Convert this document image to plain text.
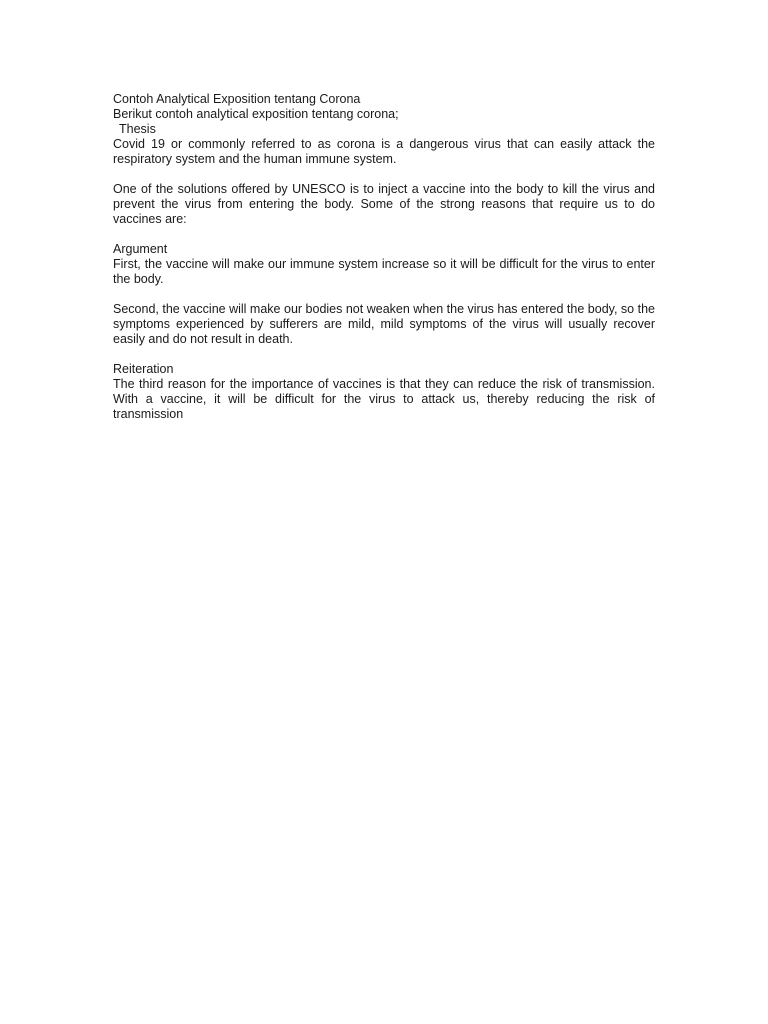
Contoh Analytical Exposition tentang Corona
Berikut contoh analytical exposition tentang corona;
Thesis

Covid 19 or commonly referred to as corona is a dangerous virus that can easily attack the respiratory system and the human immune system.

One of the solutions offered by UNESCO is to inject a vaccine into the body to kill the virus and prevent the virus from entering the body. Some of the strong reasons that require us to do vaccines are:

Argument

First, the vaccine will make our immune system increase so it will be difficult for the virus to enter the body.

Second, the vaccine will make our bodies not weaken when the virus has entered the body, so the symptoms experienced by sufferers are mild, mild symptoms of the virus will usually recover easily and do not result in death.

Reiteration

The third reason for the importance of vaccines is that they can reduce the risk of transmission. With a vaccine, it will be difficult for the virus to attack us, thereby reducing the risk of transmission
